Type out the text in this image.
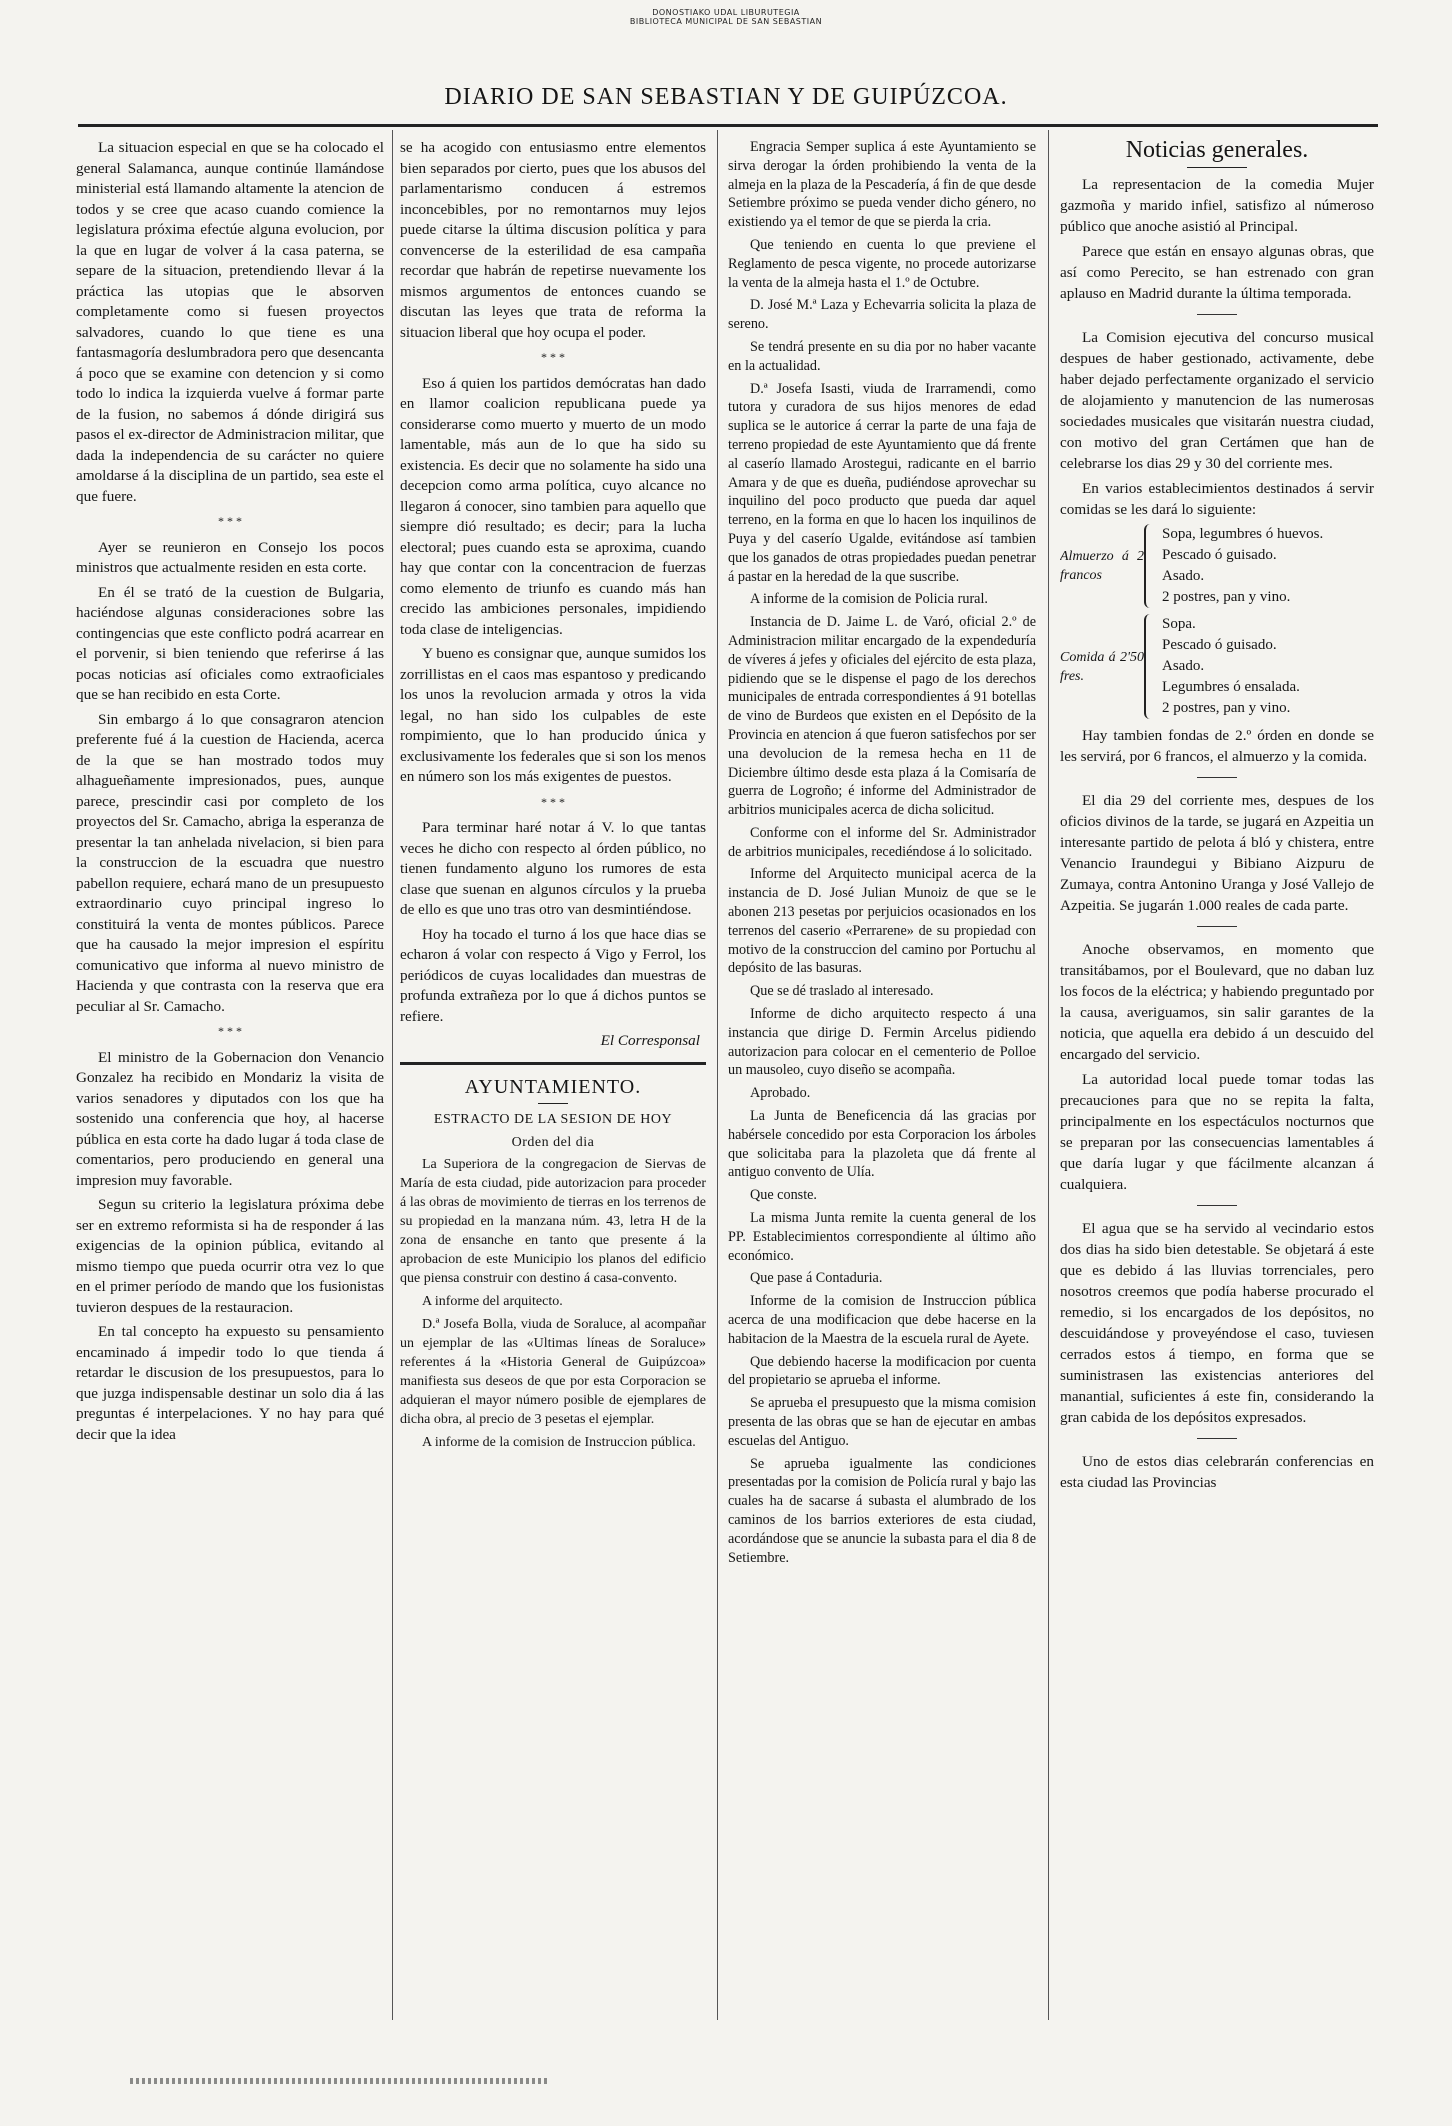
DONOSTIAKO UDAL LIBURUTEGIA
BIBLIOTECA MUNICIPAL DE SAN SEBASTIAN
DIARIO DE SAN SEBASTIAN Y DE GUIPÚZCOA.

La situacion especial en que se ha colocado el general Salamanca, aunque continúe llamándose ministerial está llamando altamente la atencion de todos y se cree que acaso cuando comience la legislatura próxima efectúe alguna evolucion, por la que en lugar de volver á la casa paterna, se separe de la situacion, pretendiendo llevar á la práctica las utopias que le absorven completamente como si fuesen proyectos salvadores, cuando lo que tiene es una fantasmagoría deslumbradora pero que desencanta á poco que se examine con detencion y si como todo lo indica la izquierda vuelve á formar parte de la fusion, no sabemos á dónde dirigirá sus pasos el ex-director de Administracion militar, que dada la independencia de su carácter no quiere amoldarse á la disciplina de un partido, sea este el que fuere.

* * *

Ayer se reunieron en Consejo los pocos ministros que actualmente residen en esta corte.

En él se trató de la cuestion de Bulgaria, haciéndose algunas consideraciones sobre las contingencias que este conflicto podrá acarrear en el porvenir, si bien teniendo que referirse á las pocas noticias así oficiales como extraoficiales que se han recibido en esta Corte.

Sin embargo á lo que consagraron atencion preferente fué á la cuestion de Hacienda, acerca de la que se han mostrado todos muy alhagueñamente impresionados, pues, aunque parece, prescindir casi por completo de los proyectos del Sr. Camacho, abriga la esperanza de presentar la tan anhelada nivelacion, si bien para la construccion de la escuadra que nuestro pabellon requiere, echará mano de un presupuesto extraordinario cuyo principal ingreso lo constituirá la venta de montes públicos. Parece que ha causado la mejor impresion el espíritu comunicativo que informa al nuevo ministro de Hacienda y que contrasta con la reserva que era peculiar al Sr. Camacho.

* * *

El ministro de la Gobernacion don Venancio Gonzalez ha recibido en Mondariz la visita de varios senadores y diputados con los que ha sostenido una conferencia que hoy, al hacerse pública en esta corte ha dado lugar á toda clase de comentarios, pero produciendo en general una impresion muy favorable.

Segun su criterio la legislatura próxima debe ser en extremo reformista si ha de responder á las exigencias de la opinion pública, evitando al mismo tiempo que pueda ocurrir otra vez lo que en el primer período de mando que los fusionistas tuvieron despues de la restauracion.

En tal concepto ha expuesto su pensamiento encaminado á impedir todo lo que tienda á retardar le discusion de los presupuestos, para lo que juzga indispensable destinar un solo dia á las preguntas é interpelaciones. Y no hay para qué decir que la idea

se ha acogido con entusiasmo entre elementos bien separados por cierto, pues que los abusos del parlamentarismo conducen á estremos inconcebibles, por no remontarnos muy lejos puede citarse la última discusion política y para convencerse de la esterilidad de esa campaña recordar que habrán de repetirse nuevamente los mismos argumentos de entonces cuando se discutan las leyes que trata de reforma la situacion liberal que hoy ocupa el poder.

* * *

Eso á quien los partidos demócratas han dado en llamor coalicion republicana puede ya considerarse como muerto y muerto de un modo lamentable, más aun de lo que ha sido su existencia. Es decir que no solamente ha sido una decepcion como arma política, cuyo alcance no llegaron á conocer, sino tambien para aquello que siempre dió resultado; es decir; para la lucha electoral; pues cuando esta se aproxima, cuando hay que contar con la concentracion de fuerzas como elemento de triunfo es cuando más han crecido las ambiciones personales, impidiendo toda clase de inteligencias.

Y bueno es consignar que, aunque sumidos los zorrillistas en el caos mas espantoso y predicando los unos la revolucion armada y otros la vida legal, no han sido los culpables de este rompimiento, que lo han producido única y exclusivamente los federales que si son los menos en número son los más exigentes de puestos.

* * *

Para terminar haré notar á V. lo que tantas veces he dicho con respecto al órden público, no tienen fundamento alguno los rumores de esta clase que suenan en algunos círculos y la prueba de ello es que uno tras otro van desmintiéndose.

Hoy ha tocado el turno á los que hace dias se echaron á volar con respecto á Vigo y Ferrol, los periódicos de cuyas localidades dan muestras de profunda extrañeza por lo que á dichos puntos se refiere.

El Corresponsal

AYUNTAMIENTO.

ESTRACTO DE LA SESION DE HOY

Orden del dia

La Superiora de la congregacion de Siervas de María de esta ciudad, pide autorizacion para proceder á las obras de movimiento de tierras en los terrenos de su propiedad en la manzana núm. 43, letra H de la zona de ensanche en tanto que presente á la aprobacion de este Municipio los planos del edificio que piensa construir con destino á casa-convento.

A informe del arquitecto.

D.ª Josefa Bolla, viuda de Soraluce, al acompañar un ejemplar de las «Ultimas líneas de Soraluce» referentes á la «Historia General de Guipúzcoa» manifiesta sus deseos de que por esta Corporacion se adquieran el mayor número posible de ejemplares de dicha obra, al precio de 3 pesetas el ejemplar.

A informe de la comision de Instruccion pública.

Engracia Semper suplica á este Ayuntamiento se sirva derogar la órden prohibiendo la venta de la almeja en la plaza de la Pescadería, á fin de que desde Setiembre próximo se pueda vender dicho género, no existiendo ya el temor de que se pierda la cria.

Que teniendo en cuenta lo que previene el Reglamento de pesca vigente, no procede autorizarse la venta de la almeja hasta el 1.º de Octubre.

D. José M.ª Laza y Echevarria solicita la plaza de sereno.

Se tendrá presente en su dia por no haber vacante en la actualidad.

D.ª Josefa Isasti, viuda de Irarramendi, como tutora y curadora de sus hijos menores de edad suplica se le autorice á cerrar la parte de una faja de terreno propiedad de este Ayuntamiento que dá frente al caserío llamado Arostegui, radicante en el barrio Amara y de que es dueña, pudiéndose aprovechar su inquilino del poco producto que pueda dar aquel terreno, en la forma en que lo hacen los inquilinos de Puya y del caserío Ugalde, evitándose así tambien que los ganados de otras propiedades puedan penetrar á pastar en la heredad de la que suscribe.

A informe de la comision de Policia rural.

Instancia de D. Jaime L. de Varó, oficial 2.º de Administracion militar encargado de la expendeduría de víveres á jefes y oficiales del ejército de esta plaza, pidiendo que se le dispense el pago de los derechos municipales de entrada correspondientes á 91 botellas de vino de Burdeos que existen en el Depósito de la Provincia en atencion á que fueron satisfechos por ser una devolucion de la remesa hecha en 11 de Diciembre último desde esta plaza á la Comisaría de guerra de Logroño; é informe del Administrador de arbitrios municipales acerca de dicha solicitud.

Conforme con el informe del Sr. Administrador de arbitrios municipales, recediéndose á lo solicitado.

Informe del Arquitecto municipal acerca de la instancia de D. José Julian Munoiz de que se le abonen 213 pesetas por perjuicios ocasionados en los terrenos del caserio «Perrarene» de su propiedad con motivo de la construccion del camino por Portuchu al depósito de las basuras.

Que se dé traslado al interesado.

Informe de dicho arquitecto respecto á una instancia que dirige D. Fermin Arcelus pidiendo autorizacion para colocar en el cementerio de Polloe un mausoleo, cuyo diseño se acompaña.

Aprobado.

La Junta de Beneficencia dá las gracias por habérsele concedido por esta Corporacion los árboles que solicitaba para la plazoleta que dá frente al antiguo convento de Ulía.

Que conste.

La misma Junta remite la cuenta general de los PP. Establecimientos correspondiente al último año económico.

Que pase á Contaduria.

Informe de la comision de Instruccion pública acerca de una modificacion que debe hacerse en la habitacion de la Maestra de la escuela rural de Ayete.

Que debiendo hacerse la modificacion por cuenta del propietario se aprueba el informe.

Se aprueba el presupuesto que la misma comision presenta de las obras que se han de ejecutar en ambas escuelas del Antiguo.

Se aprueba igualmente las condiciones presentadas por la comision de Policía rural y bajo las cuales ha de sacarse á subasta el alumbrado de los caminos de los barrios exteriores de esta ciudad, acordándose que se anuncie la subasta para el dia 8 de Setiembre.

Noticias generales.

La representacion de la comedia Mujer gazmoña y marido infiel, satisfizo al númeroso público que anoche asistió al Principal.

Parece que están en ensayo algunas obras, que así como Perecito, se han estrenado con gran aplauso en Madrid durante la última temporada.

La Comision ejecutiva del concurso musical despues de haber gestionado, activamente, debe haber dejado perfectamente organizado el servicio de alojamiento y manutencion de las numerosas sociedades musicales que visitarán nuestra ciudad, con motivo del gran Certámen que han de celebrarse los dias 29 y 30 del corriente mes.

En varios establecimientos destinados á servir comidas se les dará lo siguiente:

Almuerzo á 2 francos
Sopa, legumbres ó huevos.
Pescado ó guisado.
Asado.
2 postres, pan y vino.
Comida á 2'50 fres.
Sopa.
Pescado ó guisado.
Asado.
Legumbres ó ensalada.
2 postres, pan y vino.

Hay tambien fondas de 2.º órden en donde se les servirá, por 6 francos, el almuerzo y la comida.

El dia 29 del corriente mes, despues de los oficios divinos de la tarde, se jugará en Azpeitia un interesante partido de pelota á bló y chistera, entre Venancio Iraundegui y Bibiano Aizpuru de Zumaya, contra Antonino Uranga y José Vallejo de Azpeitia. Se jugarán 1.000 reales de cada parte.

Anoche observamos, en momento que transitábamos, por el Boulevard, que no daban luz los focos de la eléctrica; y habiendo preguntado por la causa, averiguamos, sin salir garantes de la noticia, que aquella era debido á un descuido del encargado del servicio.

La autoridad local puede tomar todas las precauciones para que no se repita la falta, principalmente en los espectáculos nocturnos que se preparan por las consecuencias lamentables á que daría lugar y que fácilmente alcanzan á cualquiera.

El agua que se ha servido al vecindario estos dos dias ha sido bien detestable. Se objetará á este que es debido á las lluvias torrenciales, pero nosotros creemos que podía haberse procurado el remedio, si los encargados de los depósitos, no descuidándose y proveyéndose el caso, tuviesen cerrados estos á tiempo, en forma que se suministrasen las existencias anteriores del manantial, suficientes á este fin, considerando la gran cabida de los depósitos expresados.

Uno de estos dias celebrarán conferencias en esta ciudad las Provincias
